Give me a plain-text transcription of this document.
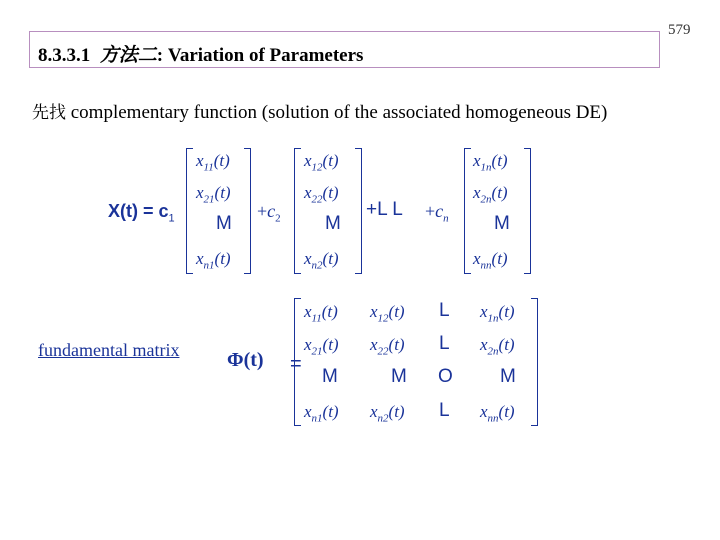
579
8.3.3.1 方法二: Variation of Parameters
先找 complementary function (solution of the associated homogeneous DE)
$X(t) = c_1$
$x_{11}(t)$
$x_{21}(t)$
M
$x_{n1}(t)$
$+c_2$
$x_{12}(t)$
$x_{22}(t)$
M
$x_{n2}(t)$
+L $L +c_n$
$x_{1n}(t)$
$x_{2n}(t)$
M
$x_{nn}(t)$
fundamental matrix Φ(t) =
$x_{11}(t)$ $x_{12}(t)$ L $x_{1n}(t)$
$x_{21}(t)$ $x_{22}(t)$ L $x_{2n}(t)$
M	M O M
$x_{n1}(t)$ $x_{n2}(t)$ L $x_{nn}(t)$
